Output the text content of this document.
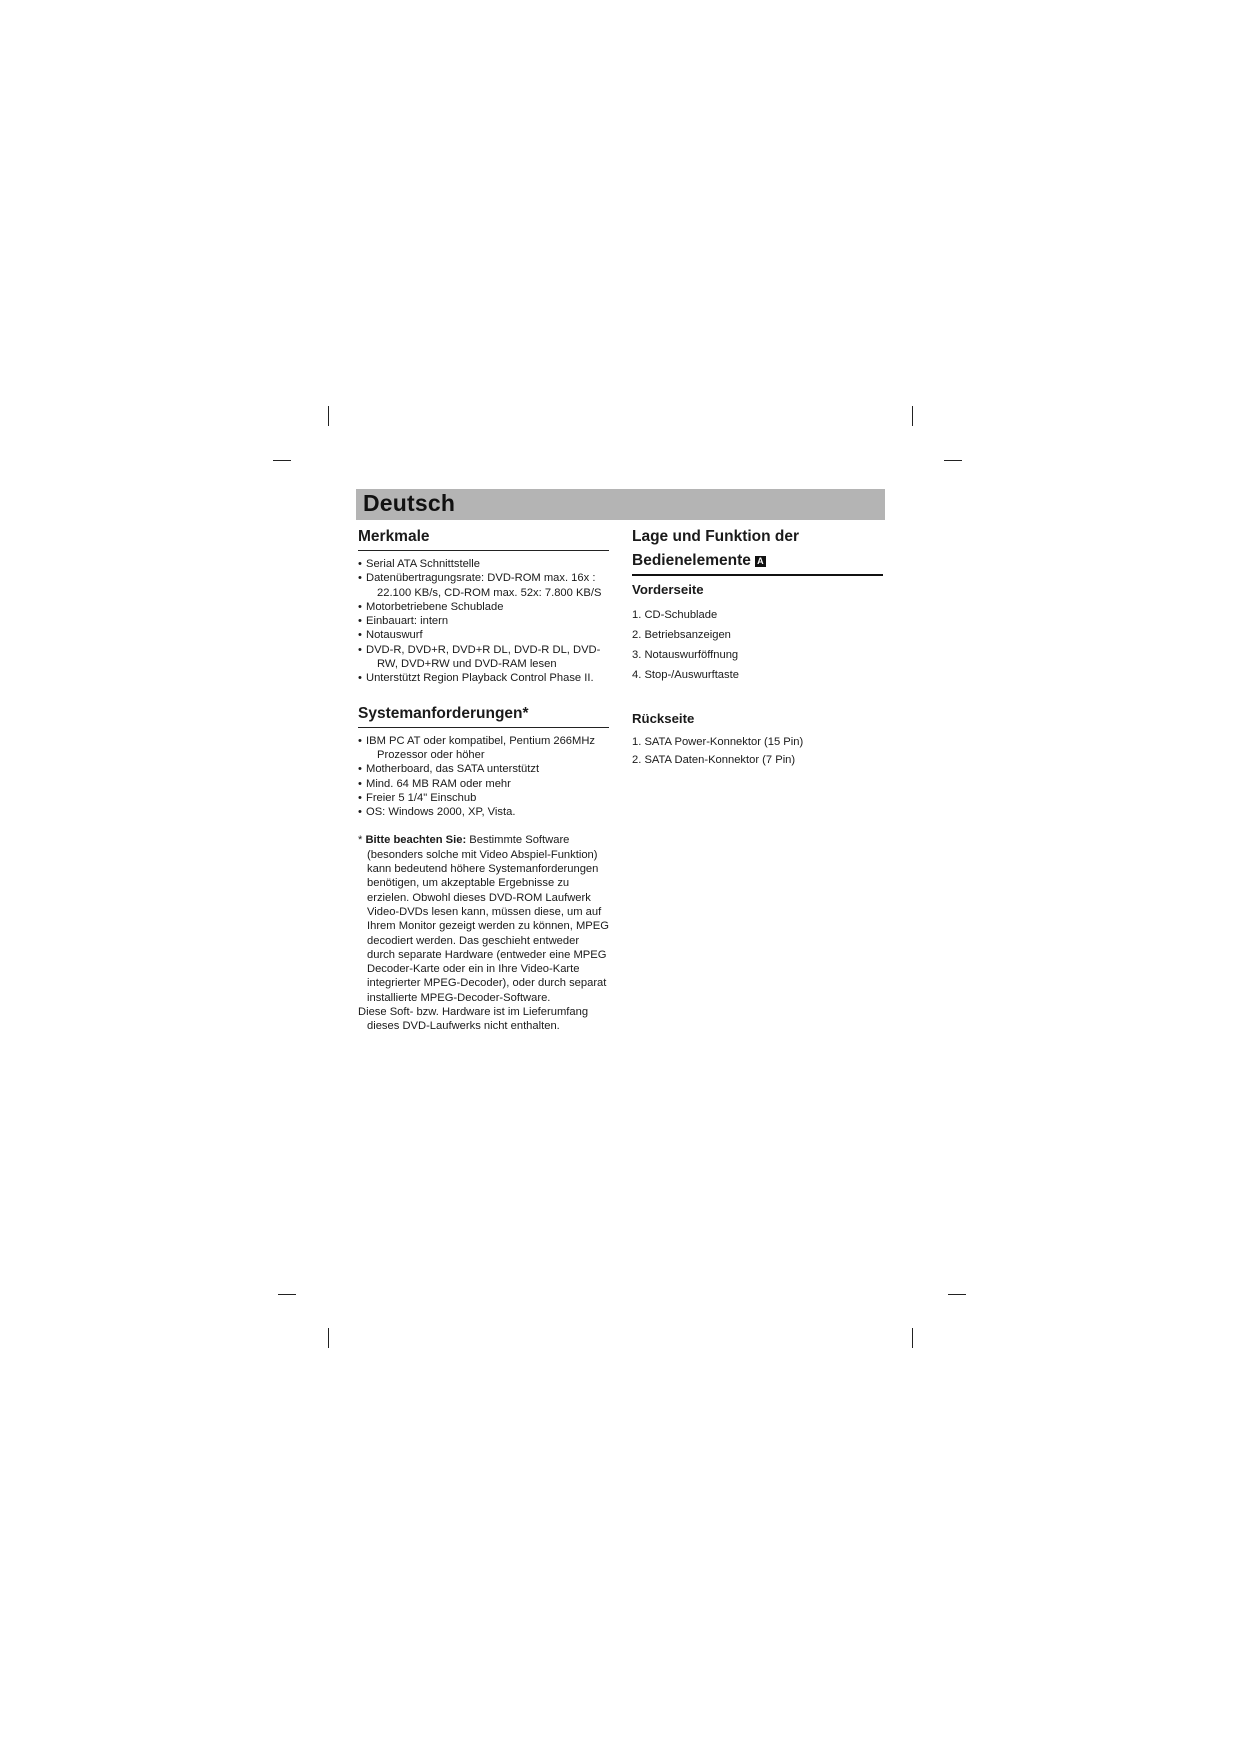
Deutsch
Merkmale
• Serial ATA Schnittstelle
• Datenübertragungsrate: DVD-ROM max. 16x : 22.100 KB/s, CD-ROM max. 52x: 7.800 KB/S
• Motorbetriebene Schublade
• Einbauart: intern
• Notauswurf
• DVD-R, DVD+R, DVD+R DL, DVD-R DL, DVD-RW, DVD+RW und DVD-RAM lesen
• Unterstützt Region Playback Control Phase II.
Systemanforderungen*
• IBM PC AT oder kompatibel, Pentium 266MHz Prozessor oder höher
• Motherboard, das SATA unterstützt
• Mind. 64 MB RAM oder mehr
• Freier 5 1/4" Einschub
• OS: Windows 2000, XP, Vista.
* Bitte beachten Sie: Bestimmte Software (besonders solche mit Video Abspiel-Funktion) kann bedeutend höhere Systemanforderungen benötigen, um akzeptable Ergebnisse zu erzielen. Obwohl dieses DVD-ROM Laufwerk Video-DVDs lesen kann, müssen diese, um auf Ihrem Monitor gezeigt werden zu können, MPEG decodiert werden. Das geschieht entweder durch separate Hardware (entweder eine MPEG Decoder-Karte oder ein in Ihre Video-Karte integrierter MPEG-Decoder), oder durch separat installierte MPEG-Decoder-Software.
Diese Soft- bzw. Hardware ist im Lieferumfang dieses DVD-Laufwerks nicht enthalten.
Lage und Funktion der
Bedienelemente A
Vorderseite
1. CD-Schublade
2. Betriebsanzeigen
3. Notauswurföffnung
4. Stop-/Auswurftaste
Rückseite
1. SATA Power-Konnektor (15 Pin)
2. SATA Daten-Konnektor (7 Pin)
